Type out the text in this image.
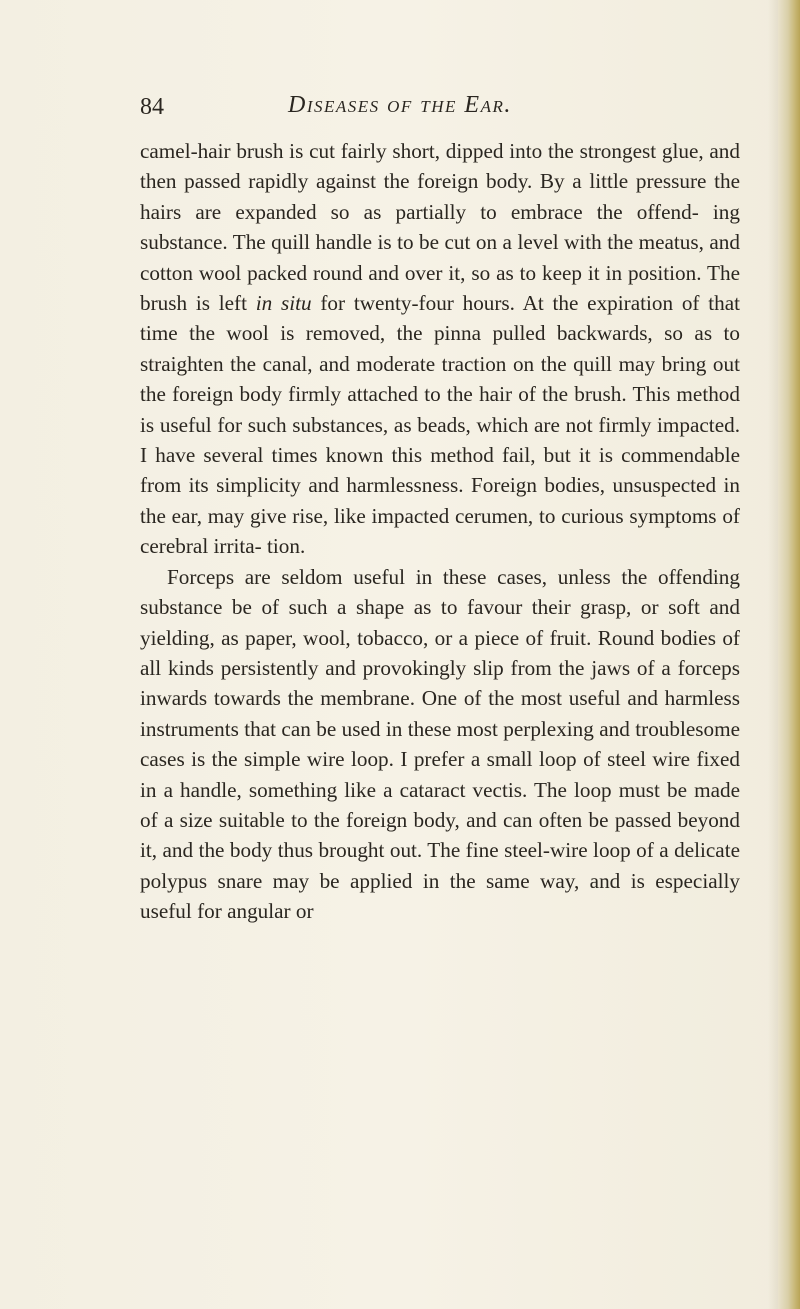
84	Diseases of the Ear.

camel-hair brush is cut fairly short, dipped into the strongest glue, and then passed rapidly against the foreign body. By a little pressure the hairs are expanded so as partially to embrace the offend- ing substance. The quill handle is to be cut on a level with the meatus, and cotton wool packed round and over it, so as to keep it in position. The brush is left in situ for twenty-four hours. At the expiration of that time the wool is removed, the pinna pulled backwards, so as to straighten the canal, and moderate traction on the quill may bring out the foreign body firmly attached to the hair of the brush. This method is useful for such substances, as beads, which are not firmly impacted. I have several times known this method fail, but it is commendable from its simplicity and harmlessness. Foreign bodies, unsuspected in the ear, may give rise, like impacted cerumen, to curious symptoms of cerebral irrita- tion.

Forceps are seldom useful in these cases, unless the offending substance be of such a shape as to favour their grasp, or soft and yielding, as paper, wool, tobacco, or a piece of fruit. Round bodies of all kinds persistently and provokingly slip from the jaws of a forceps inwards towards the membrane. One of the most useful and harmless instruments that can be used in these most perplexing and troublesome cases is the simple wire loop. I prefer a small loop of steel wire fixed in a handle, something like a cataract vectis. The loop must be made of a size suitable to the foreign body, and can often be passed beyond it, and the body thus brought out. The fine steel-wire loop of a delicate polypus snare may be applied in the same way, and is especially useful for angular or
